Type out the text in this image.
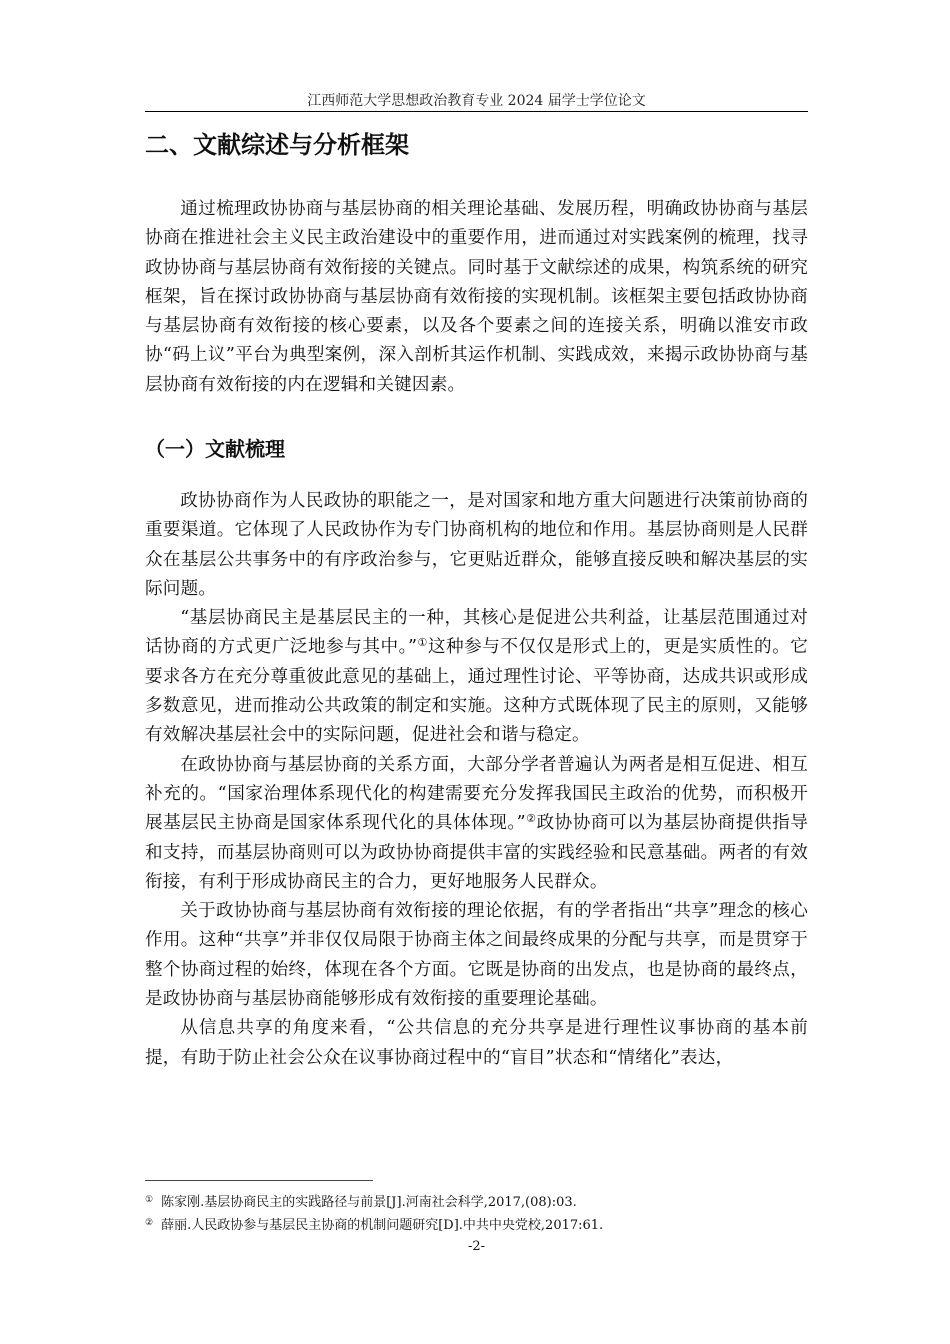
江西师范大学思想政治教育专业 2024 届学士学位论文
二、文献综述与分析框架

通过梳理政协协商与基层协商的相关理论基础、发展历程，明确政协协商与基层协商在推进社会主义民主政治建设中的重要作用，进而通过对实践案例的梳理，找寻政协协商与基层协商有效衔接的关键点。同时基于文献综述的成果，构筑系统的研究框架，旨在探讨政协协商与基层协商有效衔接的实现机制。该框架主要包括政协协商与基层协商有效衔接的核心要素，以及各个要素之间的连接关系，明确以淮安市政协“码上议”平台为典型案例，深入剖析其运作机制、实践成效，来揭示政协协商与基层协商有效衔接的内在逻辑和关键因素。

（一）文献梳理

政协协商作为人民政协的职能之一，是对国家和地方重大问题进行决策前协商的重要渠道。它体现了人民政协作为专门协商机构的地位和作用。基层协商则是人民群众在基层公共事务中的有序政治参与，它更贴近群众，能够直接反映和解决基层的实际问题。

“基层协商民主是基层民主的一种，其核心是促进公共利益，让基层范围通过对话协商的方式更广泛地参与其中。”①这种参与不仅仅是形式上的，更是实质性的。它要求各方在充分尊重彼此意见的基础上，通过理性讨论、平等协商，达成共识或形成多数意见，进而推动公共政策的制定和实施。这种方式既体现了民主的原则，又能够有效解决基层社会中的实际问题，促进社会和谐与稳定。

在政协协商与基层协商的关系方面，大部分学者普遍认为两者是相互促进、相互补充的。“国家治理体系现代化的构建需要充分发挥我国民主政治的优势，而积极开展基层民主协商是国家体系现代化的具体体现。”②政协协商可以为基层协商提供指导和支持，而基层协商则可以为政协协商提供丰富的实践经验和民意基础。两者的有效衔接，有利于形成协商民主的合力，更好地服务人民群众。

关于政协协商与基层协商有效衔接的理论依据，有的学者指出“共享”理念的核心作用。这种“共享”并非仅仅局限于协商主体之间最终成果的分配与共享，而是贯穿于整个协商过程的始终，体现在各个方面。它既是协商的出发点，也是协商的最终点，是政协协商与基层协商能够形成有效衔接的重要理论基础。

从信息共享的角度来看，“公共信息的充分共享是进行理性议事协商的基本前提，有助于防止社会公众在议事协商过程中的“盲目”状态和“情绪化”表达，

① 陈家刚.基层协商民主的实践路径与前景[J].河南社会科学,2017,(08):03.
② 薛丽.人民政协参与基层民主协商的机制问题研究[D].中共中央党校,2017:61.
-2-
